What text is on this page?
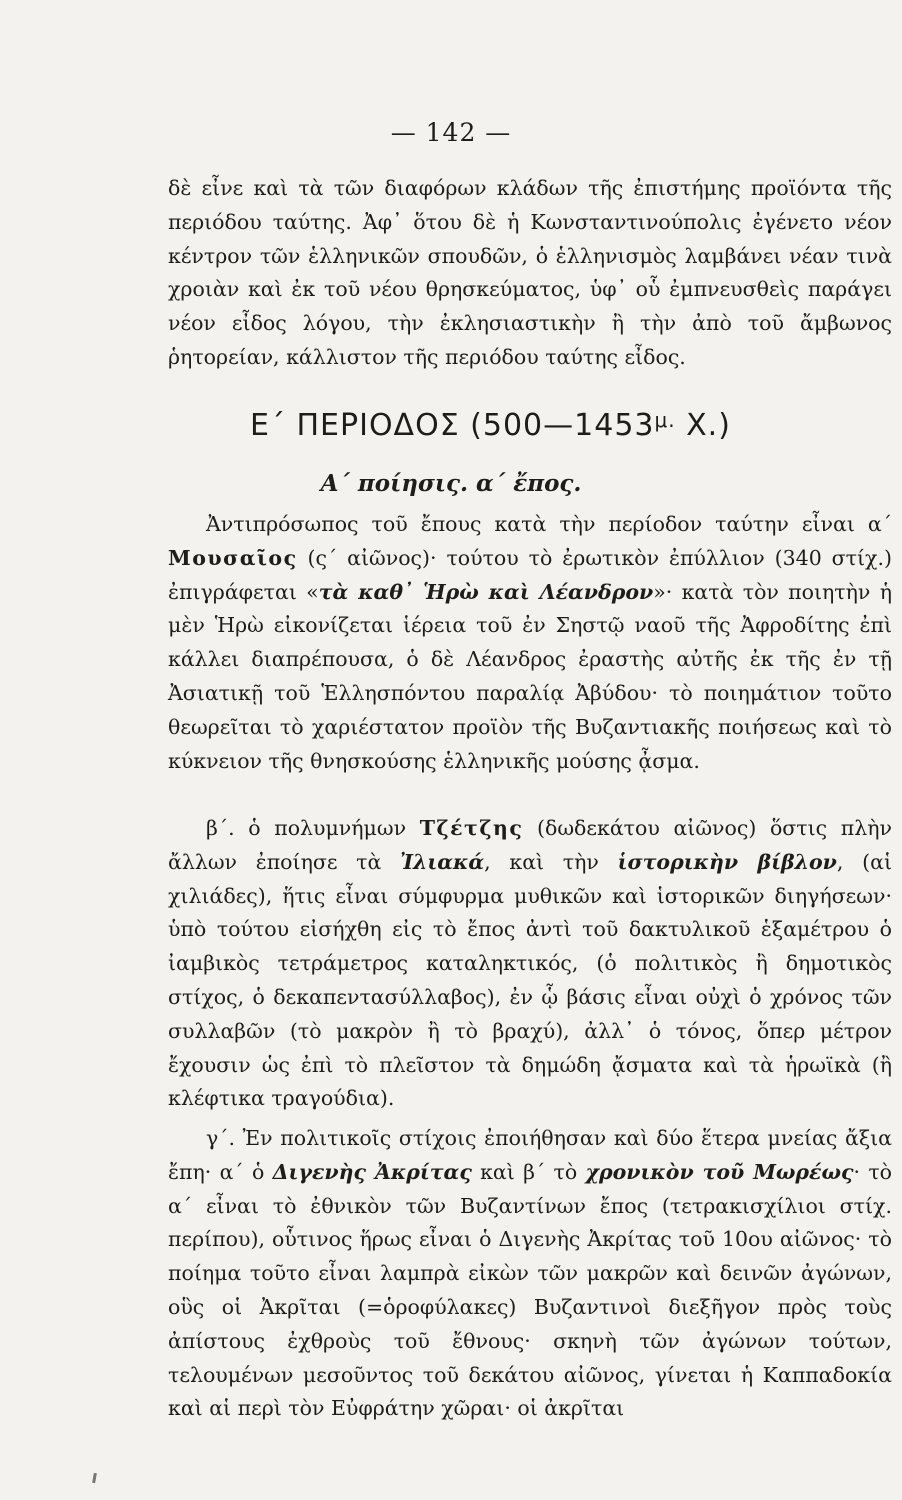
— 142 —
δὲ εἶνε καὶ τὰ τῶν διαφόρων κλάδων τῆς ἐπιστήμης προϊόντα τῆς περιόδου ταύτης. Ἀφ᾽ ὅτου δὲ ἡ Κωνσταντινούπολις ἐγένετο νέον κέντρον τῶν ἑλληνικῶν σπουδῶν, ὁ ἑλληνισμὸς λαμβάνει νέαν τινὰ χροιὰν καὶ ἐκ τοῦ νέου θρησκεύματος, ὑφ᾽ οὗ ἐμπνευσθεὶς παράγει νέον εἶδος λόγου, τὴν ἐκλησιαστικὴν ἢ τὴν ἀπὸ τοῦ ἄμβωνος ῥητορείαν, κάλλιστον τῆς περιόδου ταύτης εἶδος.
Ε΄ ΠΕΡΙΟΔΟΣ ($500—1453^{\mu.}$ Χ.)
Α΄ ποίησις. α΄ ἔπος.
Ἀντιπρόσωπος τοῦ ἔπους κατὰ τὴν περίοδον ταύτην εἶναι α΄ Μουσαῖος (ς΄ αἰῶνος)· τούτου τὸ ἐρωτικὸν ἐπύλλιον (340 στίχ.) ἐπιγράφεται «τὰ καθ᾽ Ἡρὼ καὶ Λέανδρον»· κατὰ τὸν ποιητὴν ἡ μὲν Ἡρὼ εἰκονίζεται ἱέρεια τοῦ ἐν Σηστῷ ναοῦ τῆς Ἀφροδίτης ἐπὶ κάλλει διαπρέπουσα, ὁ δὲ Λέανδρος ἐραστὴς αὐτῆς ἐκ τῆς ἐν τῇ Ἀσιατικῇ τοῦ Ἑλλησπόντου παραλίᾳ Ἀβύδου· τὸ ποιημάτιον τοῦτο θεωρεῖται τὸ χαριέστατον προϊὸν τῆς Βυζαντιακῆς ποιήσεως καὶ τὸ κύκνειον τῆς θνησκούσης ἑλληνικῆς μούσης ᾆσμα.
β΄. ὁ πολυμνήμων Τζέτζης (δωδεκάτου αἰῶνος) ὅστις πλὴν ἄλλων ἐποίησε τὰ Ἰλιακά, καὶ τὴν ἱστορικὴν βίβλον, (αἱ χιλιάδες), ἥτις εἶναι σύμφυρμα μυθικῶν καὶ ἱστορικῶν διηγήσεων· ὑπὸ τούτου εἰσήχθη εἰς τὸ ἔπος ἀντὶ τοῦ δακτυλικοῦ ἑξαμέτρου ὁ ἰαμβικὸς τετράμετρος καταληκτικός, (ὁ πολιτικὸς ἢ δημοτικὸς στίχος, ὁ δεκαπεντασύλλαβος), ἐν ᾧ βάσις εἶναι οὐχὶ ὁ χρόνος τῶν συλλαβῶν (τὸ μακρὸν ἢ τὸ βραχύ), ἀλλ᾽ ὁ τόνος, ὅπερ μέτρον ἔχουσιν ὡς ἐπὶ τὸ πλεῖστον τὰ δημώδη ᾄσματα καὶ τὰ ἡρωϊκὰ (ἢ κλέφτικα τραγούδια).
γ΄. Ἐν πολιτικοῖς στίχοις ἐποιήθησαν καὶ δύο ἕτερα μνείας ἄξια ἔπη· α΄ ὁ Διγενὴς Ἀκρίτας καὶ β΄ τὸ χρονικὸν τοῦ Μωρέως· τὸ α΄ εἶναι τὸ ἐθνικὸν τῶν Βυζαντίνων ἔπος (τετρακισχίλιοι στίχ. περίπου), οὗτινος ἥρως εἶναι ὁ Διγενὴς Ἀκρίτας τοῦ 10ου αἰῶνος· τὸ ποίημα τοῦτο εἶναι λαμπρὰ εἰκὼν τῶν μακρῶν καὶ δεινῶν ἀγώνων, οὓς οἱ Ἀκρῖται (=ὁροφύλακες) Βυζαντινοὶ διεξῆγον πρὸς τοὺς ἀπίστους ἐχθροὺς τοῦ ἔθνους· σκηνὴ τῶν ἀγώνων τούτων, τελουμένων μεσοῦντος τοῦ δεκάτου αἰῶνος, γίνεται ἡ Καππαδοκία καὶ αἱ περὶ τὸν Εὐφράτην χῶραι· οἱ ἀκρῖται
